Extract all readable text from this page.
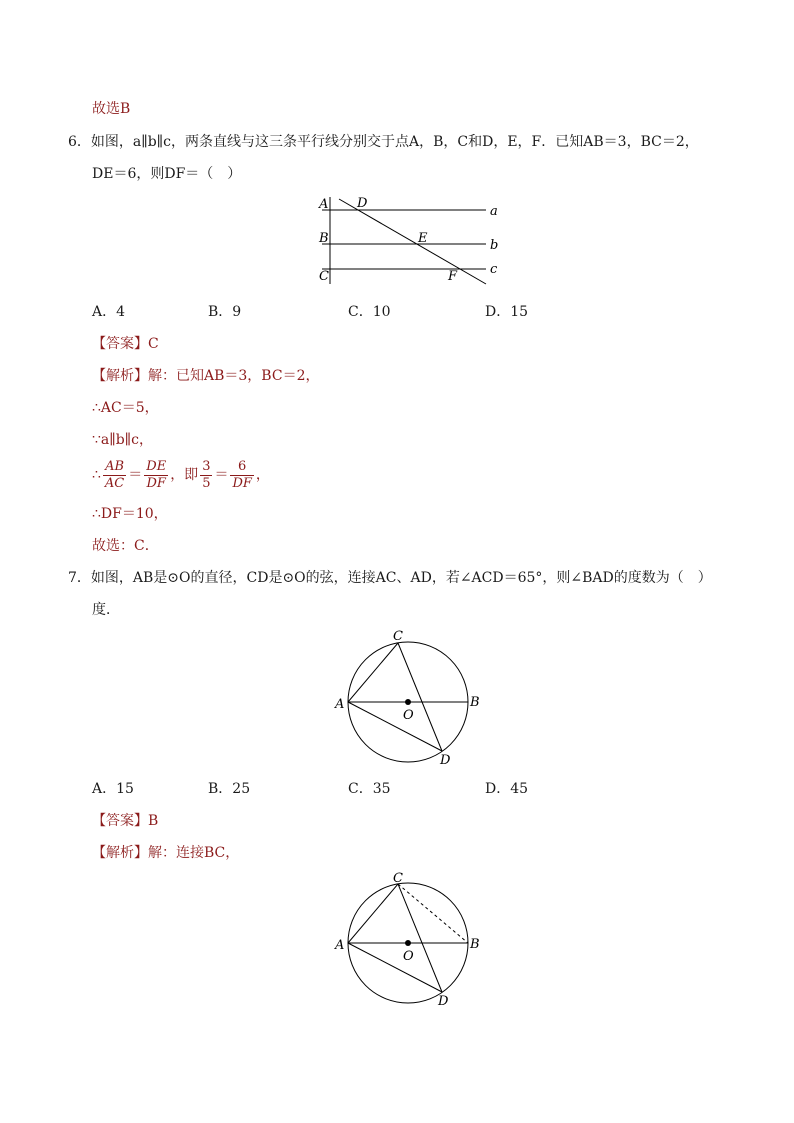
故选B
6．如图，a∥b∥c，两条直线与这三条平行线分别交于点A，B，C和D，E，F．已知AB＝3，BC＝2，
DE＝6，则DF＝（　）
A D
B	E
C	F
a
b
c
A．4	B．9	C．10	D．15
【答案】C
【解析】解：已知AB＝3，BC＝2，
∴AC＝5，
∵a∥b∥c，
∴ $\frac{AB}{AC} = \frac{DE}{DF}$ ，即 $\frac{3}{5} = \frac{6}{DF}$ ，
∴DF＝10，
故选：C．
7．如图，AB是⊙O的直径，CD是⊙O的弦，连接AC、AD，若∠ACD＝65°，则∠BAD的度数为（　）
度．
A	B
C
D
O
A．15	B．25	C．35	D．45
【答案】B
【解析】解：连接BC，
A	B
C
D
O
